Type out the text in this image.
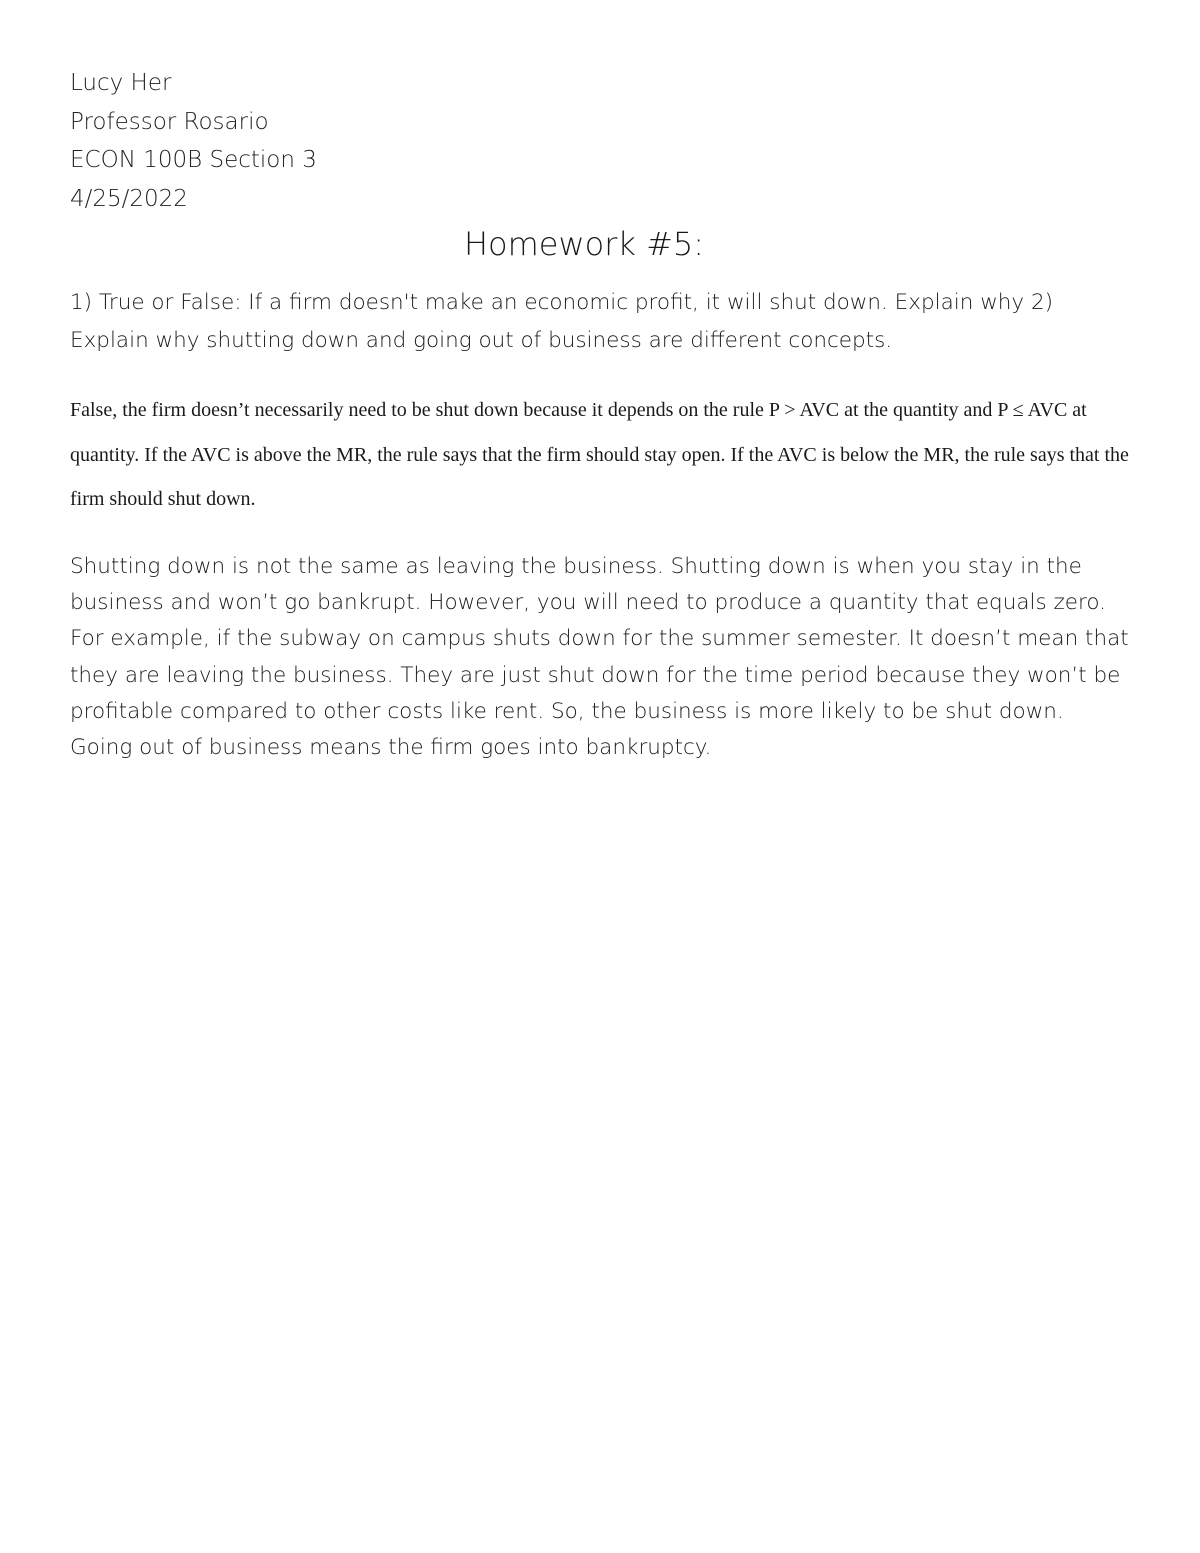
Lucy Her
Professor Rosario
ECON 100B Section 3
4/25/2022
Homework #5:
1) True or False: If a firm doesn't make an economic profit, it will shut down. Explain why 2) Explain why shutting down and going out of business are different concepts.
False, the firm doesn’t necessarily need to be shut down because it depends on the rule P > AVC at the quantity and P ≤ AVC at quantity. If the AVC is above the MR, the rule says that the firm should stay open. If the AVC is below the MR, the rule says that the firm should shut down.
Shutting down is not the same as leaving the business. Shutting down is when you stay in the business and won’t go bankrupt. However, you will need to produce a quantity that equals zero. For example, if the subway on campus shuts down for the summer semester. It doesn’t mean that they are leaving the business. They are just shut down for the time period because they won’t be profitable compared to other costs like rent. So, the business is more likely to be shut down. Going out of business means the firm goes into bankruptcy.
